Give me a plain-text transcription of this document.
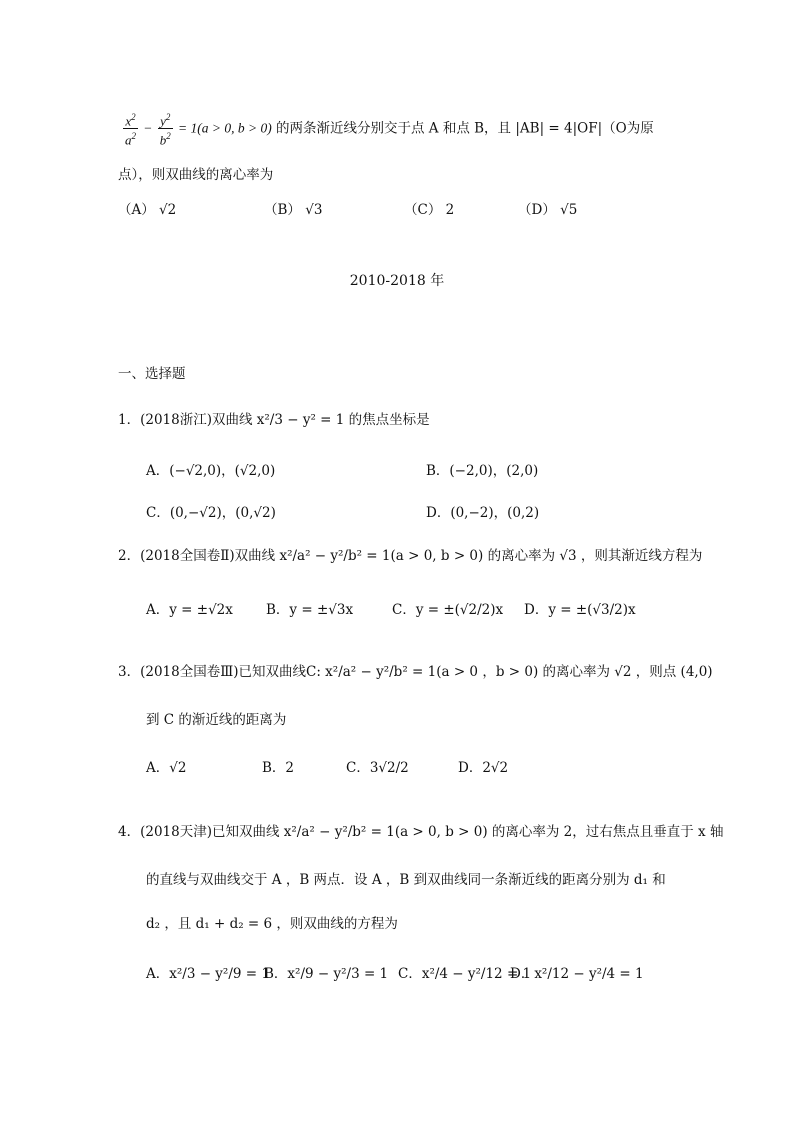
$\frac{x^2}{a^2} - \frac{y^2}{b^2} = 1(a > 0$, b > 0) 的两条渐近线分别交于点 A 和点 B，且 |AB| = 4|OF|（O为原
点），则双曲线的离心率为
（A） √2	（B） √3	（C） 2	（D） √5
2010-2018 年
一、选择题
1．(2018浙江)双曲线 x²/3 − y² = 1 的焦点坐标是
A．(−√2,0)，(√2,0)	B．(−2,0)，(2,0)
C．(0,−√2)，(0,√2)	D．(0,−2)，(0,2)
2．(2018全国卷Ⅱ)双曲线 x²/a² − y²/b² = 1(a > 0, b > 0) 的离心率为 √3 ，则其渐近线方程为
A．y = ±√2x B．y = ±√3x	C．y = ±(√2/2)x D．y = ±(√3/2)x
3．(2018全国卷Ⅲ)已知双曲线C: x²/a² − y²/b² = 1(a > 0 ，b > 0) 的离心率为 √2 ，则点 (4,0)
到 C 的渐近线的距离为
A．√2	B．2	C．3√2/2	D．2√2
4．(2018天津)已知双曲线 x²/a² − y²/b² = 1(a > 0, b > 0) 的离心率为 2，过右焦点且垂直于 x 轴
的直线与双曲线交于 A ，B 两点．设 A ，B 到双曲线同一条渐近线的距离分别为 d₁ 和
d₂ ，且 d₁ + d₂ = 6 ，则双曲线的方程为
A．x²/3 − y²/9 = 1
B．x²/9 − y²/3 = 1 C．x²/4 − y²/12 = 1
D．x²/12 − y²/4 = 1
